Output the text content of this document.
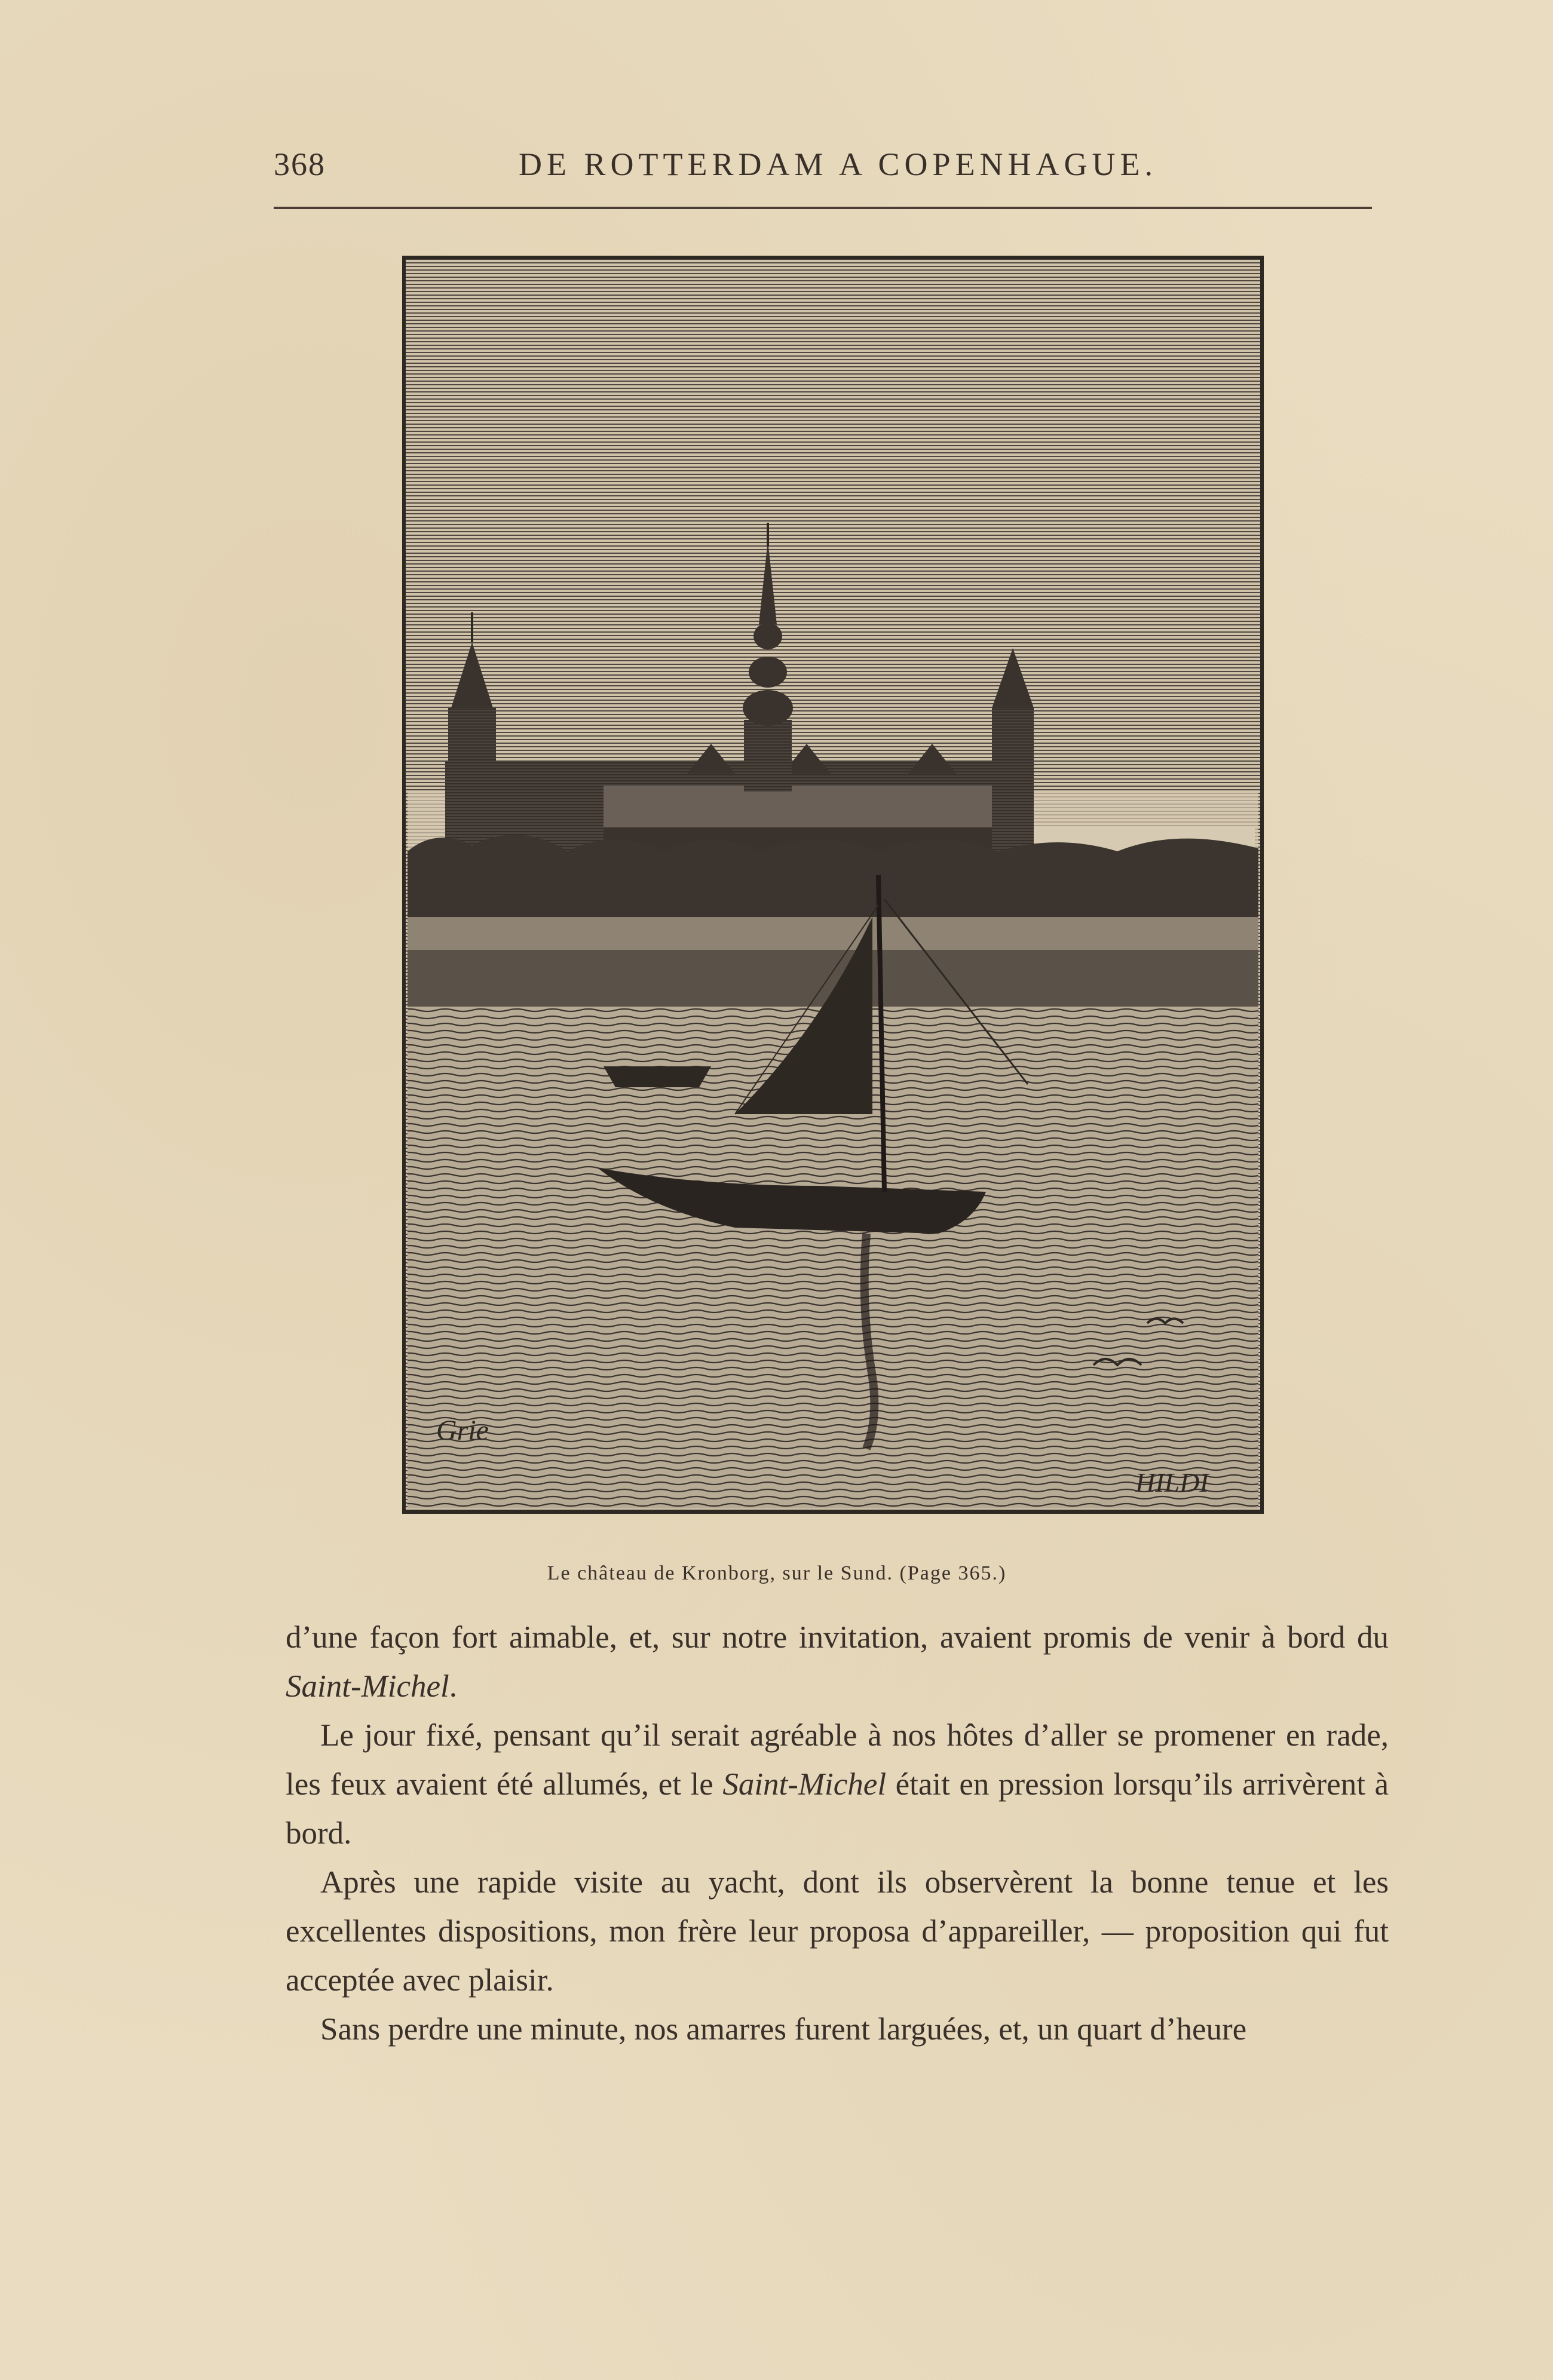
368	DE ROTTERDAM A COPENHAGUE.
Grie
HILDI
Le château de Kronborg, sur le Sund. (Page 365.)

d’une façon fort aimable, et, sur notre invitation, avaient promis de venir à bord du Saint-Michel.

Le jour fixé, pensant qu’il serait agréable à nos hôtes d’aller se promener en rade, les feux avaient été allumés, et le Saint-Michel était en pression lorsqu’ils arrivèrent à bord.

Après une rapide visite au yacht, dont ils observèrent la bonne tenue et les excellentes dispositions, mon frère leur proposa d’appareiller, — proposition qui fut acceptée avec plaisir.

Sans perdre une minute, nos amarres furent larguées, et, un quart d’heure
